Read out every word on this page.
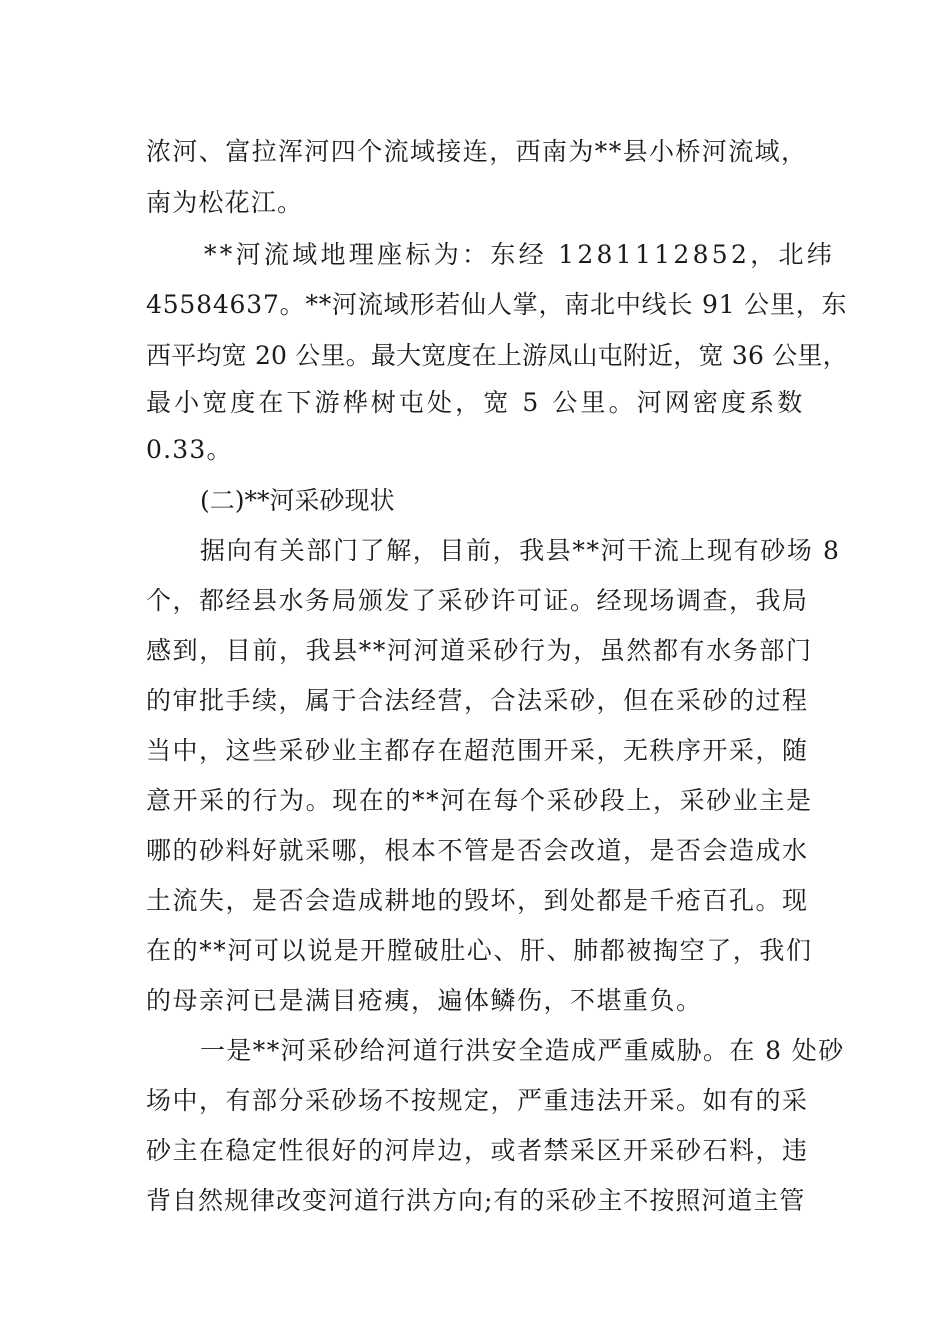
浓河、富拉浑河四个流域接连，西南为**县小桥河流域，
南为松花江。
**河流域地理座标为：东经 1281112852，北纬
45584637。**河流域形若仙人掌，南北中线长 91 公里，东
西平均宽 20 公里。最大宽度在上游凤山屯附近，宽 36 公里，
最小宽度在下游桦树屯处，宽 5 公里。河网密度系数
0.33。
(二)**河采砂现状
据向有关部门了解，目前，我县**河干流上现有砂场 8
个，都经县水务局颁发了采砂许可证。经现场调查，我局
感到，目前，我县**河河道采砂行为，虽然都有水务部门
的审批手续，属于合法经营，合法采砂，但在采砂的过程
当中，这些采砂业主都存在超范围开采，无秩序开采，随
意开采的行为。现在的**河在每个采砂段上，采砂业主是
哪的砂料好就采哪，根本不管是否会改道，是否会造成水
土流失，是否会造成耕地的毁坏，到处都是千疮百孔。现
在的**河可以说是开膛破肚心、肝、肺都被掏空了，我们
的母亲河已是满目疮痍，遍体鳞伤，不堪重负。
一是**河采砂给河道行洪安全造成严重威胁。在 8 处砂
场中，有部分采砂场不按规定，严重违法开采。如有的采
砂主在稳定性很好的河岸边，或者禁采区开采砂石料，违
背自然规律改变河道行洪方向;有的采砂主不按照河道主管
